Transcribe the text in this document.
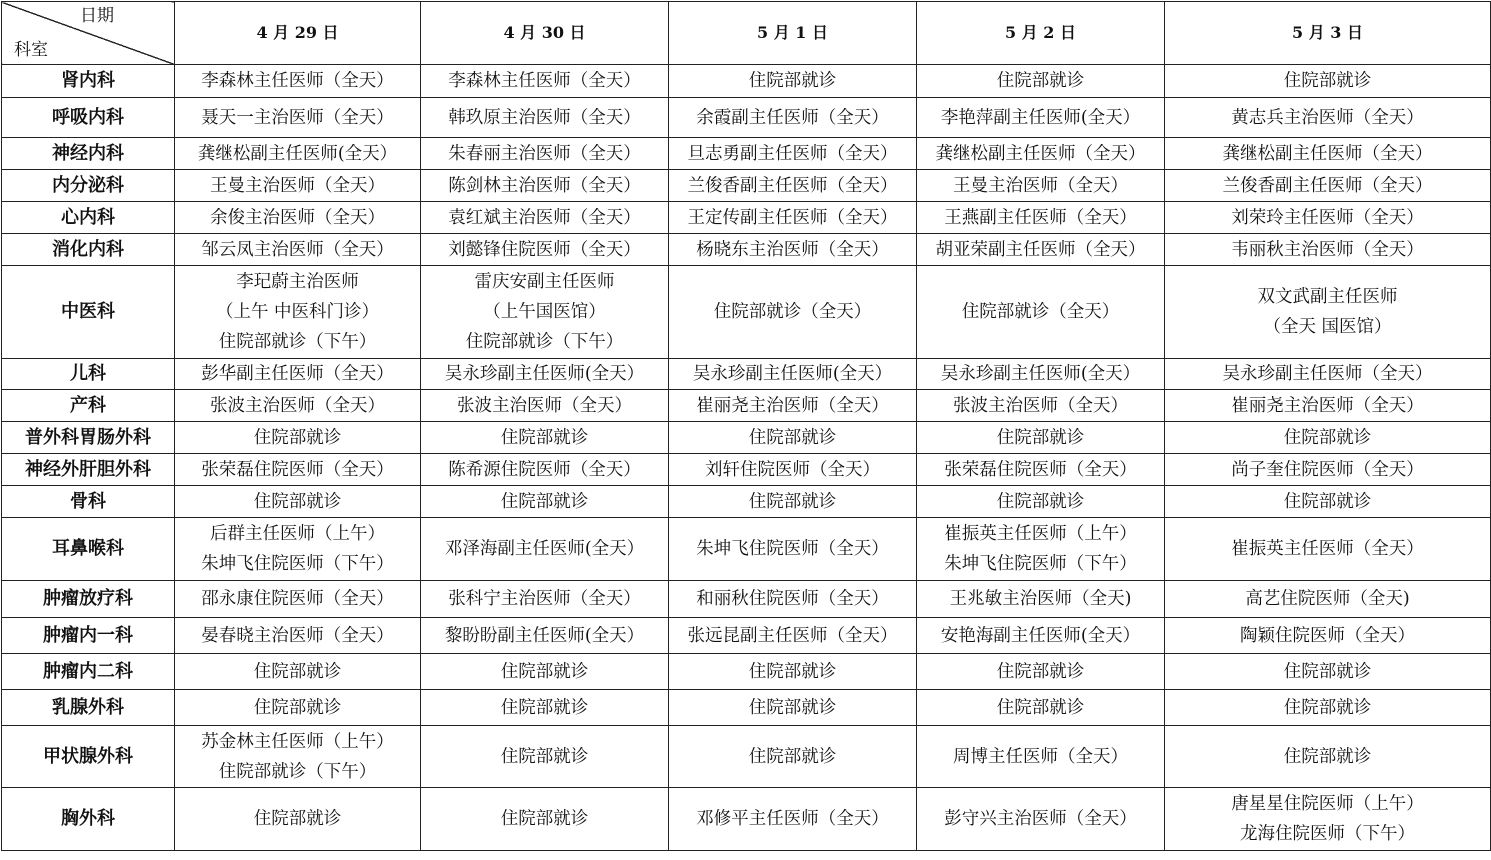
日期
科室	4 月 29 日	4 月 30 日	5 月 1 日	5 月 2 日	5 月 3 日
肾内科	李森林主任医师（全天）	李森林主任医师（全天）	住院部就诊	住院部就诊	住院部就诊

呼吸内科	聂天一主治医师（全天）	韩玖原主治医师（全天）	余霞副主任医师（全天）	李艳萍副主任医师(全天）	黄志兵主治医师（全天）

神经内科	龚继松副主任医师(全天）	朱春丽主治医师（全天）	旦志勇副主任医师（全天）	龚继松副主任医师（全天）	龚继松副主任医师（全天）

内分泌科	王曼主治医师（全天）	陈剑林主治医师（全天）	兰俊香副主任医师（全天）	王曼主治医师（全天）	兰俊香副主任医师（全天）

心内科	余俊主治医师（全天）	袁红斌主治医师（全天）	王定传副主任医师（全天）	王燕副主任医师（全天）	刘荣玲主任医师（全天）

消化内科	邹云凤主治医师（全天）	刘懿锋住院医师（全天）	杨晓东主治医师（全天）	胡亚荣副主任医师（全天）	韦丽秋主治医师（全天）

中医科	李玘蔚主治医师
（上午 中医科门诊）
住院部就诊（下午）	雷庆安副主任医师
（上午国医馆）
住院部就诊（下午）	住院部就诊（全天）	住院部就诊（全天）	双文武副主任医师
（全天 国医馆）

儿科	彭华副主任医师（全天）	吴永珍副主任医师(全天）	吴永珍副主任医师(全天）	吴永珍副主任医师(全天）	吴永珍副主任医师（全天）

产科	张波主治医师（全天）	张波主治医师（全天）	崔丽尧主治医师（全天）	张波主治医师（全天）	崔丽尧主治医师（全天）

普外科胃肠外科	住院部就诊	住院部就诊	住院部就诊	住院部就诊	住院部就诊

神经外肝胆外科	张荣磊住院医师（全天）	陈希源住院医师（全天）	刘轩住院医师（全天）	张荣磊住院医师（全天）	尚子奎住院医师（全天）

骨科	住院部就诊	住院部就诊	住院部就诊	住院部就诊	住院部就诊

耳鼻喉科	后群主任医师（上午）
朱坤飞住院医师（下午）	邓泽海副主任医师(全天）	朱坤飞住院医师（全天）	崔振英主任医师（上午）
朱坤飞住院医师（下午）	崔振英主任医师（全天）

肿瘤放疗科	邵永康住院医师（全天）	张科宁主治医师（全天）	和丽秋住院医师（全天）	王兆敏主治医师（全天)	高艺住院医师（全天)

肿瘤内一科	晏春晓主治医师（全天）	黎盼盼副主任医师(全天）	张远昆副主任医师（全天）	安艳海副主任医师(全天）	陶颖住院医师（全天）

肿瘤内二科	住院部就诊	住院部就诊	住院部就诊	住院部就诊	住院部就诊

乳腺外科	住院部就诊	住院部就诊	住院部就诊	住院部就诊	住院部就诊

甲状腺外科	苏金林主任医师（上午）
住院部就诊（下午）	住院部就诊	住院部就诊	周博主任医师（全天）	住院部就诊

胸外科	住院部就诊	住院部就诊	邓修平主任医师（全天）	彭守兴主治医师（全天）	唐星星住院医师（上午）
龙海住院医师（下午）
